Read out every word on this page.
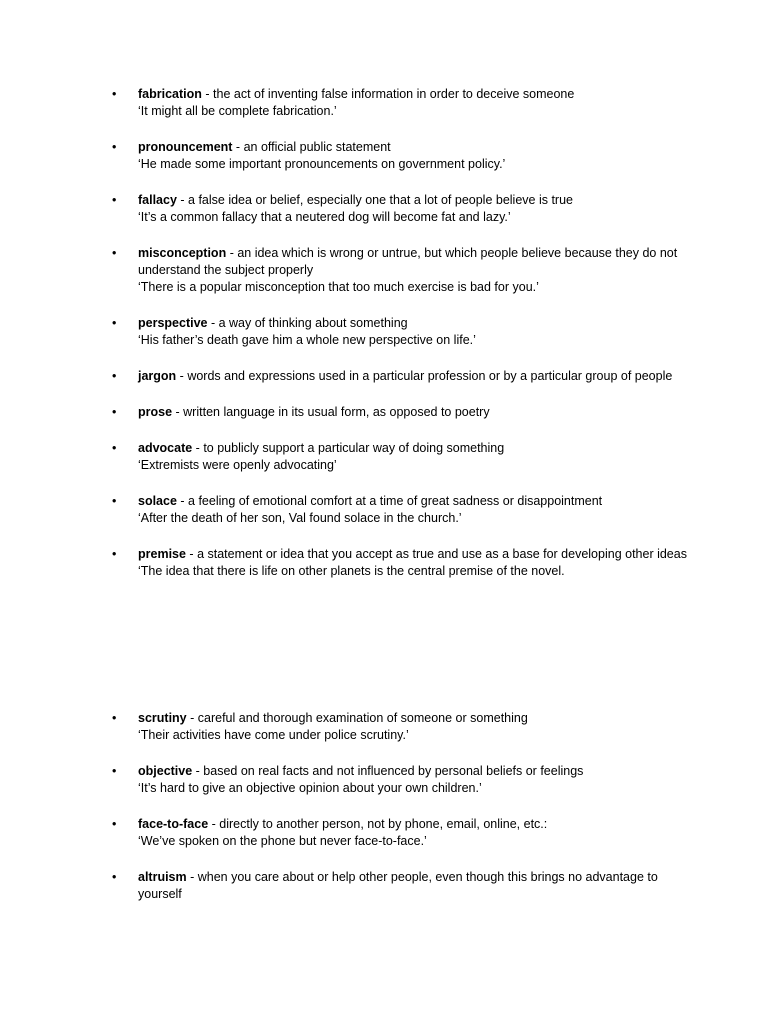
• fabrication - the act of inventing false information in order to deceive someone
‘It might all be complete fabrication.’
• pronouncement - an official public statement
‘He made some important pronouncements on government policy.’
• fallacy - a false idea or belief, especially one that a lot of people believe is true
‘It’s a common fallacy that a neutered dog will become fat and lazy.’
• misconception - an idea which is wrong or untrue, but which people believe because they do not understand the subject properly
‘There is a popular misconception that too much exercise is bad for you.’
• perspective - a way of thinking about something
‘His father’s death gave him a whole new perspective on life.’
• jargon - words and expressions used in a particular profession or by a particular group of people
• prose - written language in its usual form, as opposed to poetry
• advocate - to publicly support a particular way of doing something
‘Extremists were openly advocating’
• solace - a feeling of emotional comfort at a time of great sadness or disappointment
‘After the death of her son, Val found solace in the church.’
• premise - a statement or idea that you accept as true and use as a base for developing other ideas
‘The idea that there is life on other planets is the central premise of the novel.
• scrutiny - careful and thorough examination of someone or something
‘Their activities have come under police scrutiny.’
• objective - based on real facts and not influenced by personal beliefs or feelings
‘It’s hard to give an objective opinion about your own children.’
• face-to-face - directly to another person, not by phone, email, online, etc.:
‘We’ve spoken on the phone but never face-to-face.’
• altruism - when you care about or help other people, even though this brings no advantage to yourself
